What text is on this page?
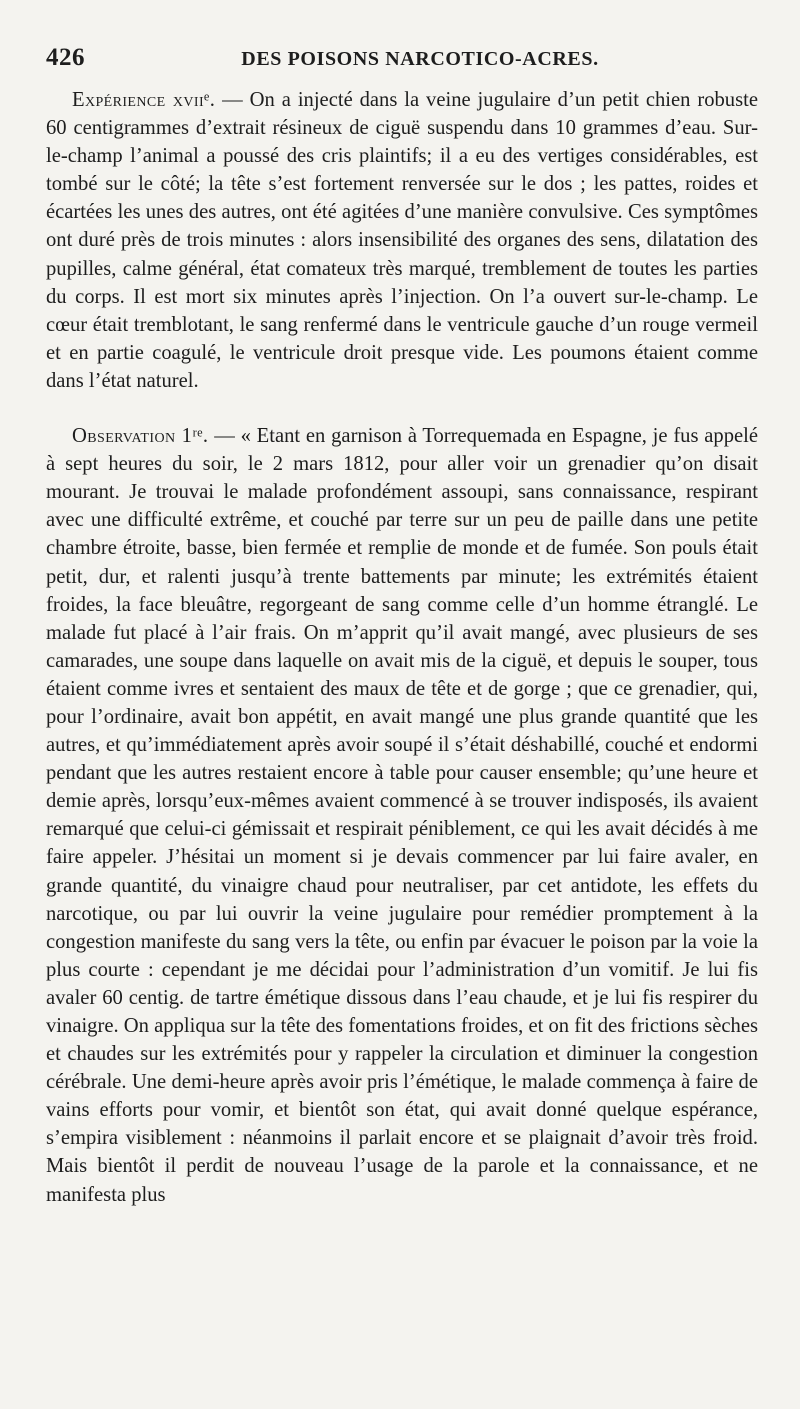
426	DES POISONS NARCOTICO-ACRES.

Expérience xviiᵉ. — On a injecté dans la veine jugulaire d’un petit chien robuste 60 centigrammes d’extrait résineux de ciguë suspendu dans 10 grammes d’eau. Sur-le-champ l’animal a poussé des cris plaintifs; il a eu des vertiges considérables, est tombé sur le côté; la tête s’est fortement renversée sur le dos ; les pattes, roides et écartées les unes des autres, ont été agitées d’une manière convulsive. Ces symptômes ont duré près de trois minutes : alors insensibilité des organes des sens, dilatation des pupilles, calme général, état comateux très marqué, tremblement de toutes les parties du corps. Il est mort six minutes après l’injection. On l’a ouvert sur-le-champ. Le cœur était tremblotant, le sang renfermé dans le ventricule gauche d’un rouge vermeil et en partie coagulé, le ventricule droit presque vide. Les poumons étaient comme dans l’état naturel.

Observation 1ʳᵉ. — « Etant en garnison à Torrequemada en Espagne, je fus appelé à sept heures du soir, le 2 mars 1812, pour aller voir un grenadier qu’on disait mourant. Je trouvai le malade profondément assoupi, sans connaissance, respirant avec une difficulté extrême, et couché par terre sur un peu de paille dans une petite chambre étroite, basse, bien fermée et remplie de monde et de fumée. Son pouls était petit, dur, et ralenti jusqu’à trente battements par minute; les extrémités étaient froides, la face bleuâtre, regorgeant de sang comme celle d’un homme étranglé. Le malade fut placé à l’air frais. On m’apprit qu’il avait mangé, avec plusieurs de ses camarades, une soupe dans laquelle on avait mis de la ciguë, et depuis le souper, tous étaient comme ivres et sentaient des maux de tête et de gorge ; que ce grenadier, qui, pour l’ordinaire, avait bon appétit, en avait mangé une plus grande quantité que les autres, et qu’immédiatement après avoir soupé il s’était déshabillé, couché et endormi pendant que les autres restaient encore à table pour causer ensemble; qu’une heure et demie après, lorsqu’eux-mêmes avaient commencé à se trouver indisposés, ils avaient remarqué que celui-ci gémissait et respirait péniblement, ce qui les avait décidés à me faire appeler. J’hésitai un moment si je devais commencer par lui faire avaler, en grande quantité, du vinaigre chaud pour neutraliser, par cet antidote, les effets du narcotique, ou par lui ouvrir la veine jugulaire pour remédier promptement à la congestion manifeste du sang vers la tête, ou enfin par évacuer le poison par la voie la plus courte : cependant je me décidai pour l’administration d’un vomitif. Je lui fis avaler 60 centig. de tartre émétique dissous dans l’eau chaude, et je lui fis respirer du vinaigre. On appliqua sur la tête des fomentations froides, et on fit des frictions sèches et chaudes sur les extrémités pour y rappeler la circulation et diminuer la congestion cérébrale. Une demi-heure après avoir pris l’émétique, le malade commença à faire de vains efforts pour vomir, et bientôt son état, qui avait donné quelque espérance, s’empira visiblement : néanmoins il parlait encore et se plaignait d’avoir très froid. Mais bientôt il perdit de nouveau l’usage de la parole et la connaissance, et ne manifesta plus
